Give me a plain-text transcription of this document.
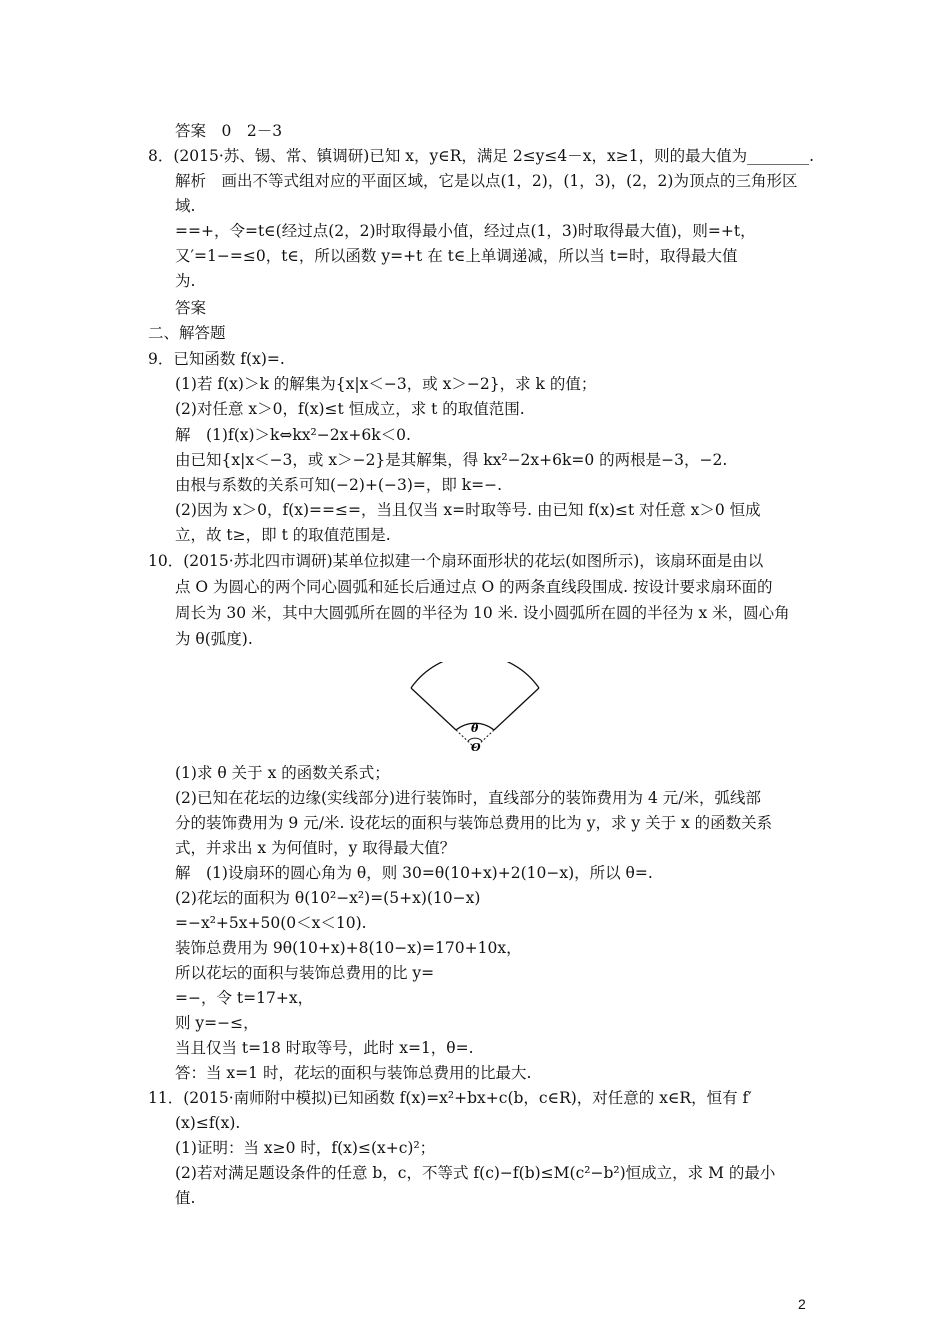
答案　0　2－3
8．(2015·苏、锡、常、镇调研)已知 x，y∈R，满足 2≤y≤4－x，x≥1，则的最大值为________.
解析　画出不等式组对应的平面区域，它是以点(1，2)，(1，3)，(2，2)为顶点的三角形区
域.
==+，令=t∈(经过点(2，2)时取得最小值，经过点(1，3)时取得最大值)，则=+t，
又′=1−=≤0，t∈，所以函数 y=+t 在 t∈上单调递减，所以当 t=时，取得最大值
为.
答案
二、解答题
9．已知函数 f(x)=.
(1)若 f(x)＞k 的解集为{x|x＜−3，或 x＞−2}，求 k 的值；
(2)对任意 x＞0，f(x)≤t 恒成立，求 t 的取值范围.
解　(1)f(x)＞k⇔kx²−2x+6k＜0.
由已知{x|x＜−3，或 x＞−2}是其解集，得 kx²−2x+6k=0 的两根是−3，−2.
由根与系数的关系可知(−2)+(−3)=，即 k=−.
(2)因为 x＞0，f(x)==≤=，当且仅当 x=时取等号. 由已知 f(x)≤t 对任意 x＞0 恒成
立，故 t≥，即 t 的取值范围是.
10．(2015·苏北四市调研)某单位拟建一个扇环面形状的花坛(如图所示)，该扇环面是由以
点 O 为圆心的两个同心圆弧和延长后通过点 O 的两条直线段围成. 按设计要求扇环面的
周长为 30 米，其中大圆弧所在圆的半径为 10 米. 设小圆弧所在圆的半径为 x 米，圆心角
为 θ(弧度).
θ
O
(1)求 θ 关于 x 的函数关系式；
(2)已知在花坛的边缘(实线部分)进行装饰时，直线部分的装饰费用为 4 元/米，弧线部
分的装饰费用为 9 元/米. 设花坛的面积与装饰总费用的比为 y，求 y 关于 x 的函数关系
式，并求出 x 为何值时，y 取得最大值？
解　(1)设扇环的圆心角为 θ，则 30=θ(10+x)+2(10−x)，所以 θ=.
(2)花坛的面积为 θ(10²−x²)=(5+x)(10−x)
=−x²+5x+50(0＜x＜10).
装饰总费用为 9θ(10+x)+8(10−x)=170+10x，
所以花坛的面积与装饰总费用的比 y=
=−，令 t=17+x，
则 y=−≤，
当且仅当 t=18 时取等号，此时 x=1，θ=.
答：当 x=1 时，花坛的面积与装饰总费用的比最大.
11．(2015·南师附中模拟)已知函数 f(x)=x²+bx+c(b，c∈R)，对任意的 x∈R，恒有 f′
(x)≤f(x).
(1)证明：当 x≥0 时，f(x)≤(x+c)²；
(2)若对满足题设条件的任意 b，c，不等式 f(c)−f(b)≤M(c²−b²)恒成立，求 M 的最小
值.
2
